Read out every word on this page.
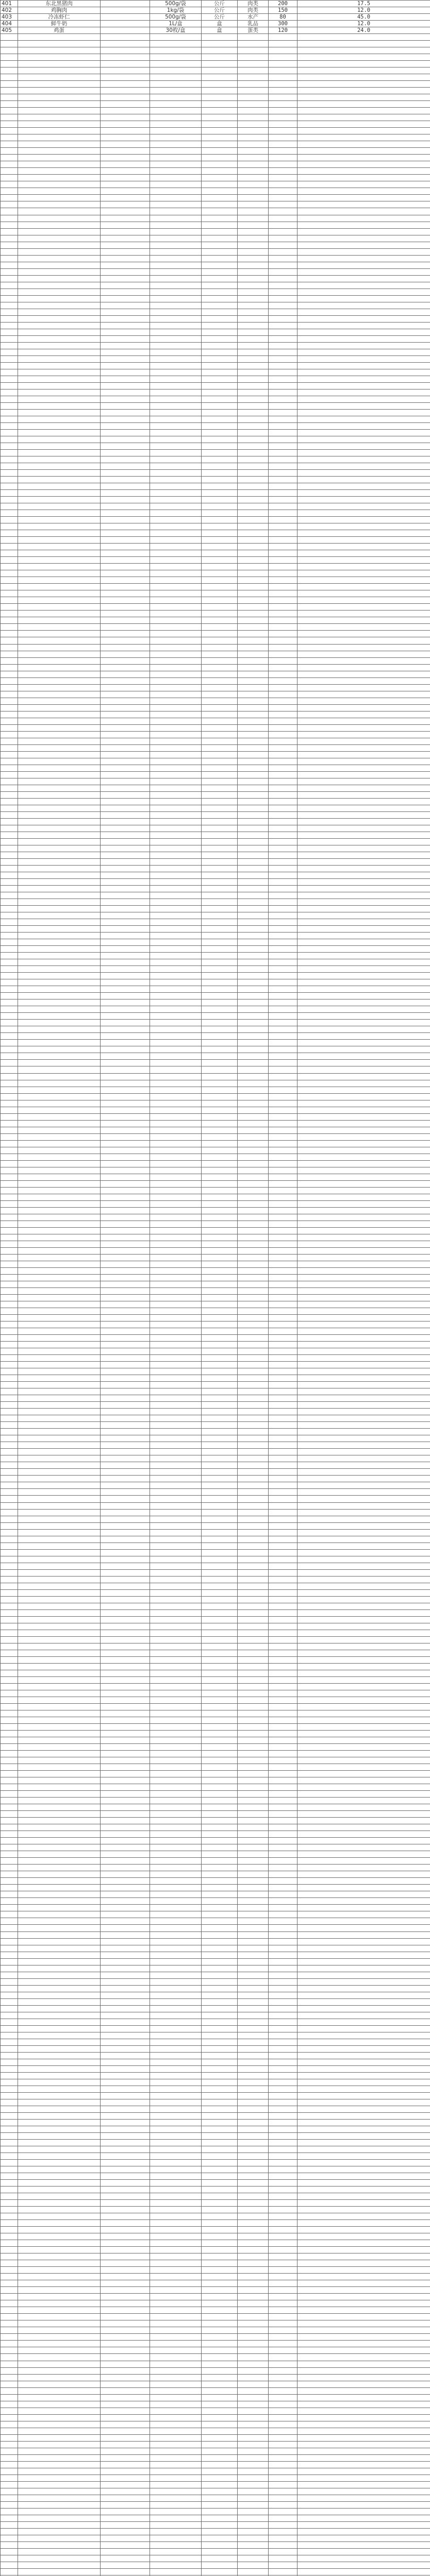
401	东北黑猪肉		500g/袋	公斤	肉类	200	17.5
402	鸡胸肉		1kg/袋	公斤	肉类	150	12.0
403	冷冻虾仁		500g/袋	公斤	水产	80	45.0
404	鲜牛奶		1L/盒	盒	乳品	300	12.0
405	鸡蛋		30枚/盒	盒	蛋类	120	24.0
